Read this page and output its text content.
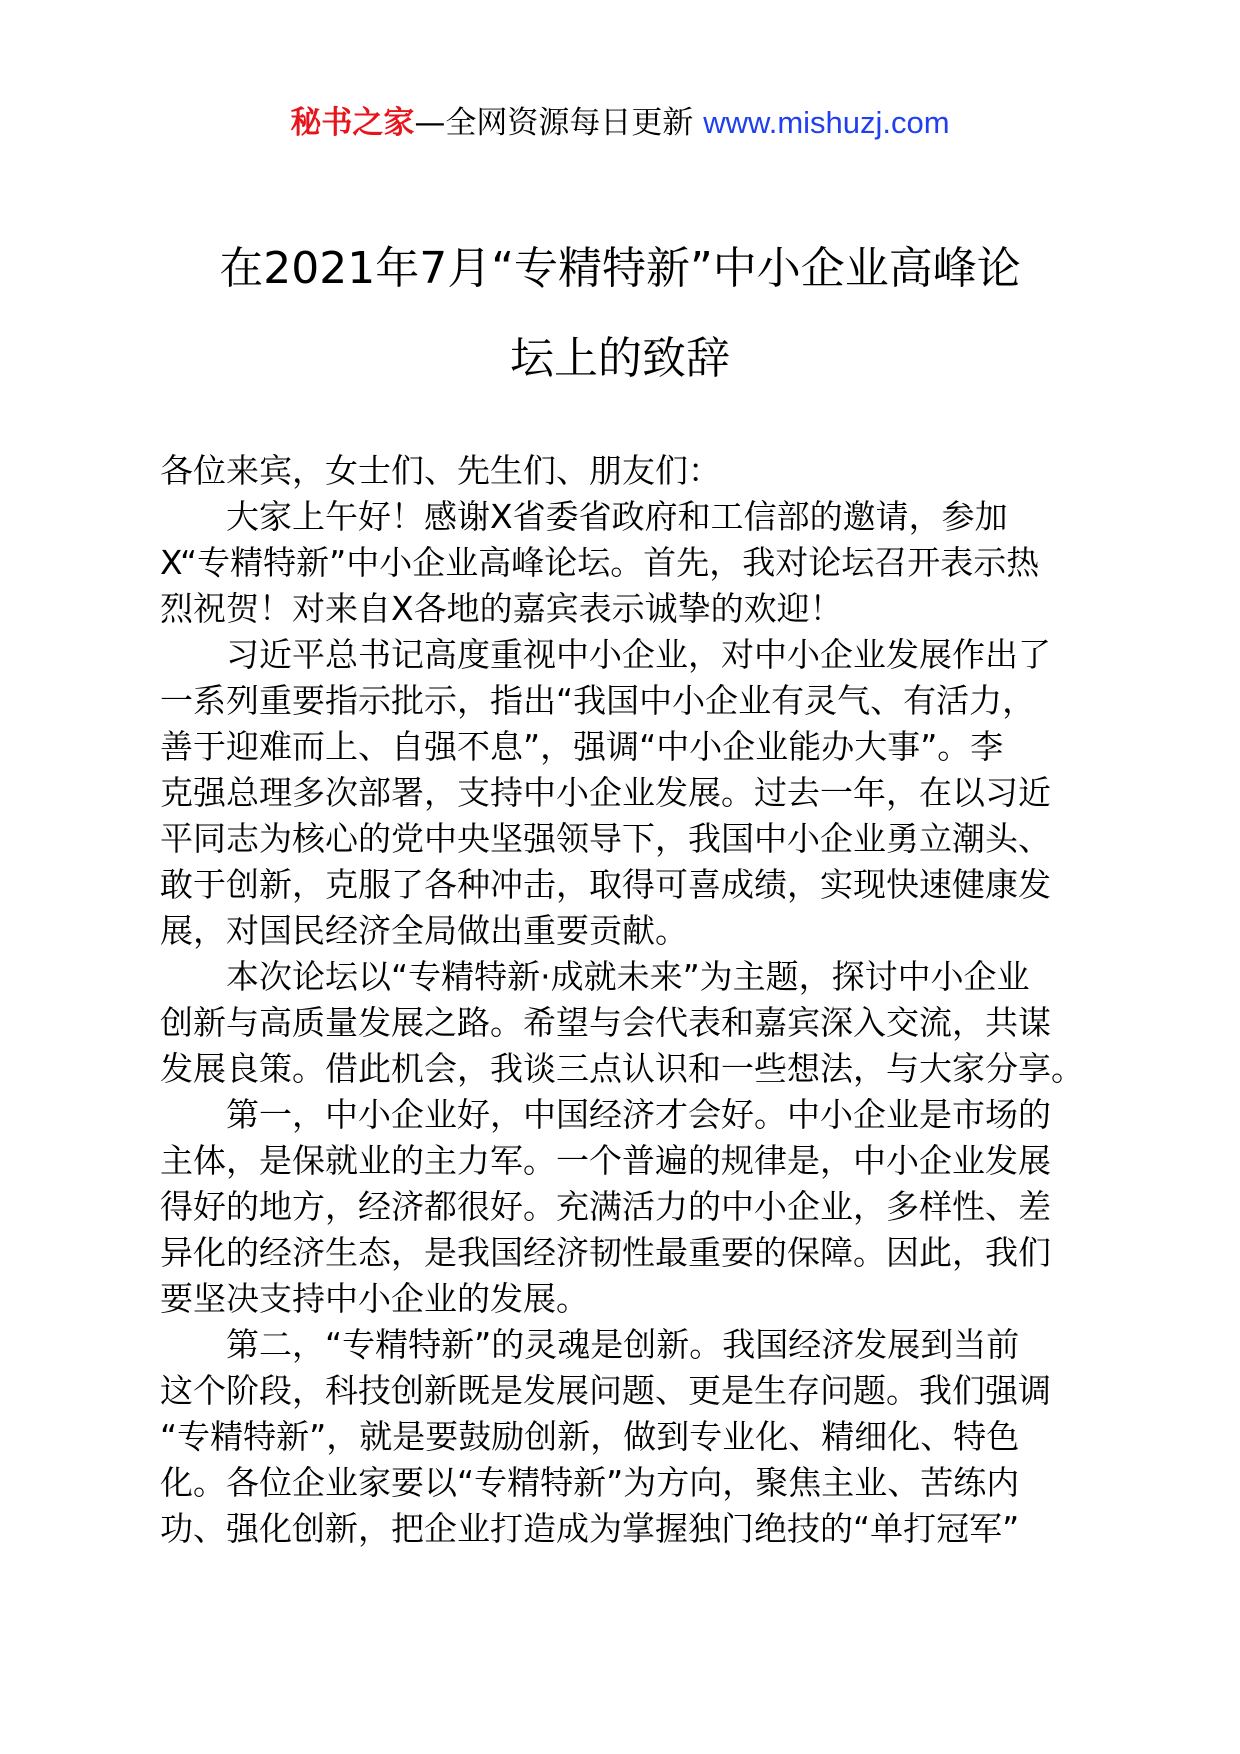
秘书之家—全网资源每日更新 www.mishuzj.com
在2021年7月“专精特新”中小企业高峰论
坛上的致辞
各位来宾，女士们、先生们、朋友们：
大家上午好！感谢X省委省政府和工信部的邀请，参加
X“专精特新”中小企业高峰论坛。首先，我对论坛召开表示热
烈祝贺！对来自X各地的嘉宾表示诚挚的欢迎！
习近平总书记高度重视中小企业，对中小企业发展作出了
一系列重要指示批示，指出“我国中小企业有灵气、有活力，
善于迎难而上、自强不息”，强调“中小企业能办大事”。李
克强总理多次部署，支持中小企业发展。过去一年，在以习近
平同志为核心的党中央坚强领导下，我国中小企业勇立潮头、
敢于创新，克服了各种冲击，取得可喜成绩，实现快速健康发
展，对国民经济全局做出重要贡献。
本次论坛以“专精特新·成就未来”为主题，探讨中小企业
创新与高质量发展之路。希望与会代表和嘉宾深入交流，共谋
发展良策。借此机会，我谈三点认识和一些想法，与大家分享。
第一，中小企业好，中国经济才会好。中小企业是市场的
主体，是保就业的主力军。一个普遍的规律是，中小企业发展
得好的地方，经济都很好。充满活力的中小企业，多样性、差
异化的经济生态，是我国经济韧性最重要的保障。因此，我们
要坚决支持中小企业的发展。
第二，“专精特新”的灵魂是创新。我国经济发展到当前
这个阶段，科技创新既是发展问题、更是生存问题。我们强调
“专精特新”，就是要鼓励创新，做到专业化、精细化、特色
化。各位企业家要以“专精特新”为方向，聚焦主业、苦练内
功、强化创新，把企业打造成为掌握独门绝技的“单打冠军”
